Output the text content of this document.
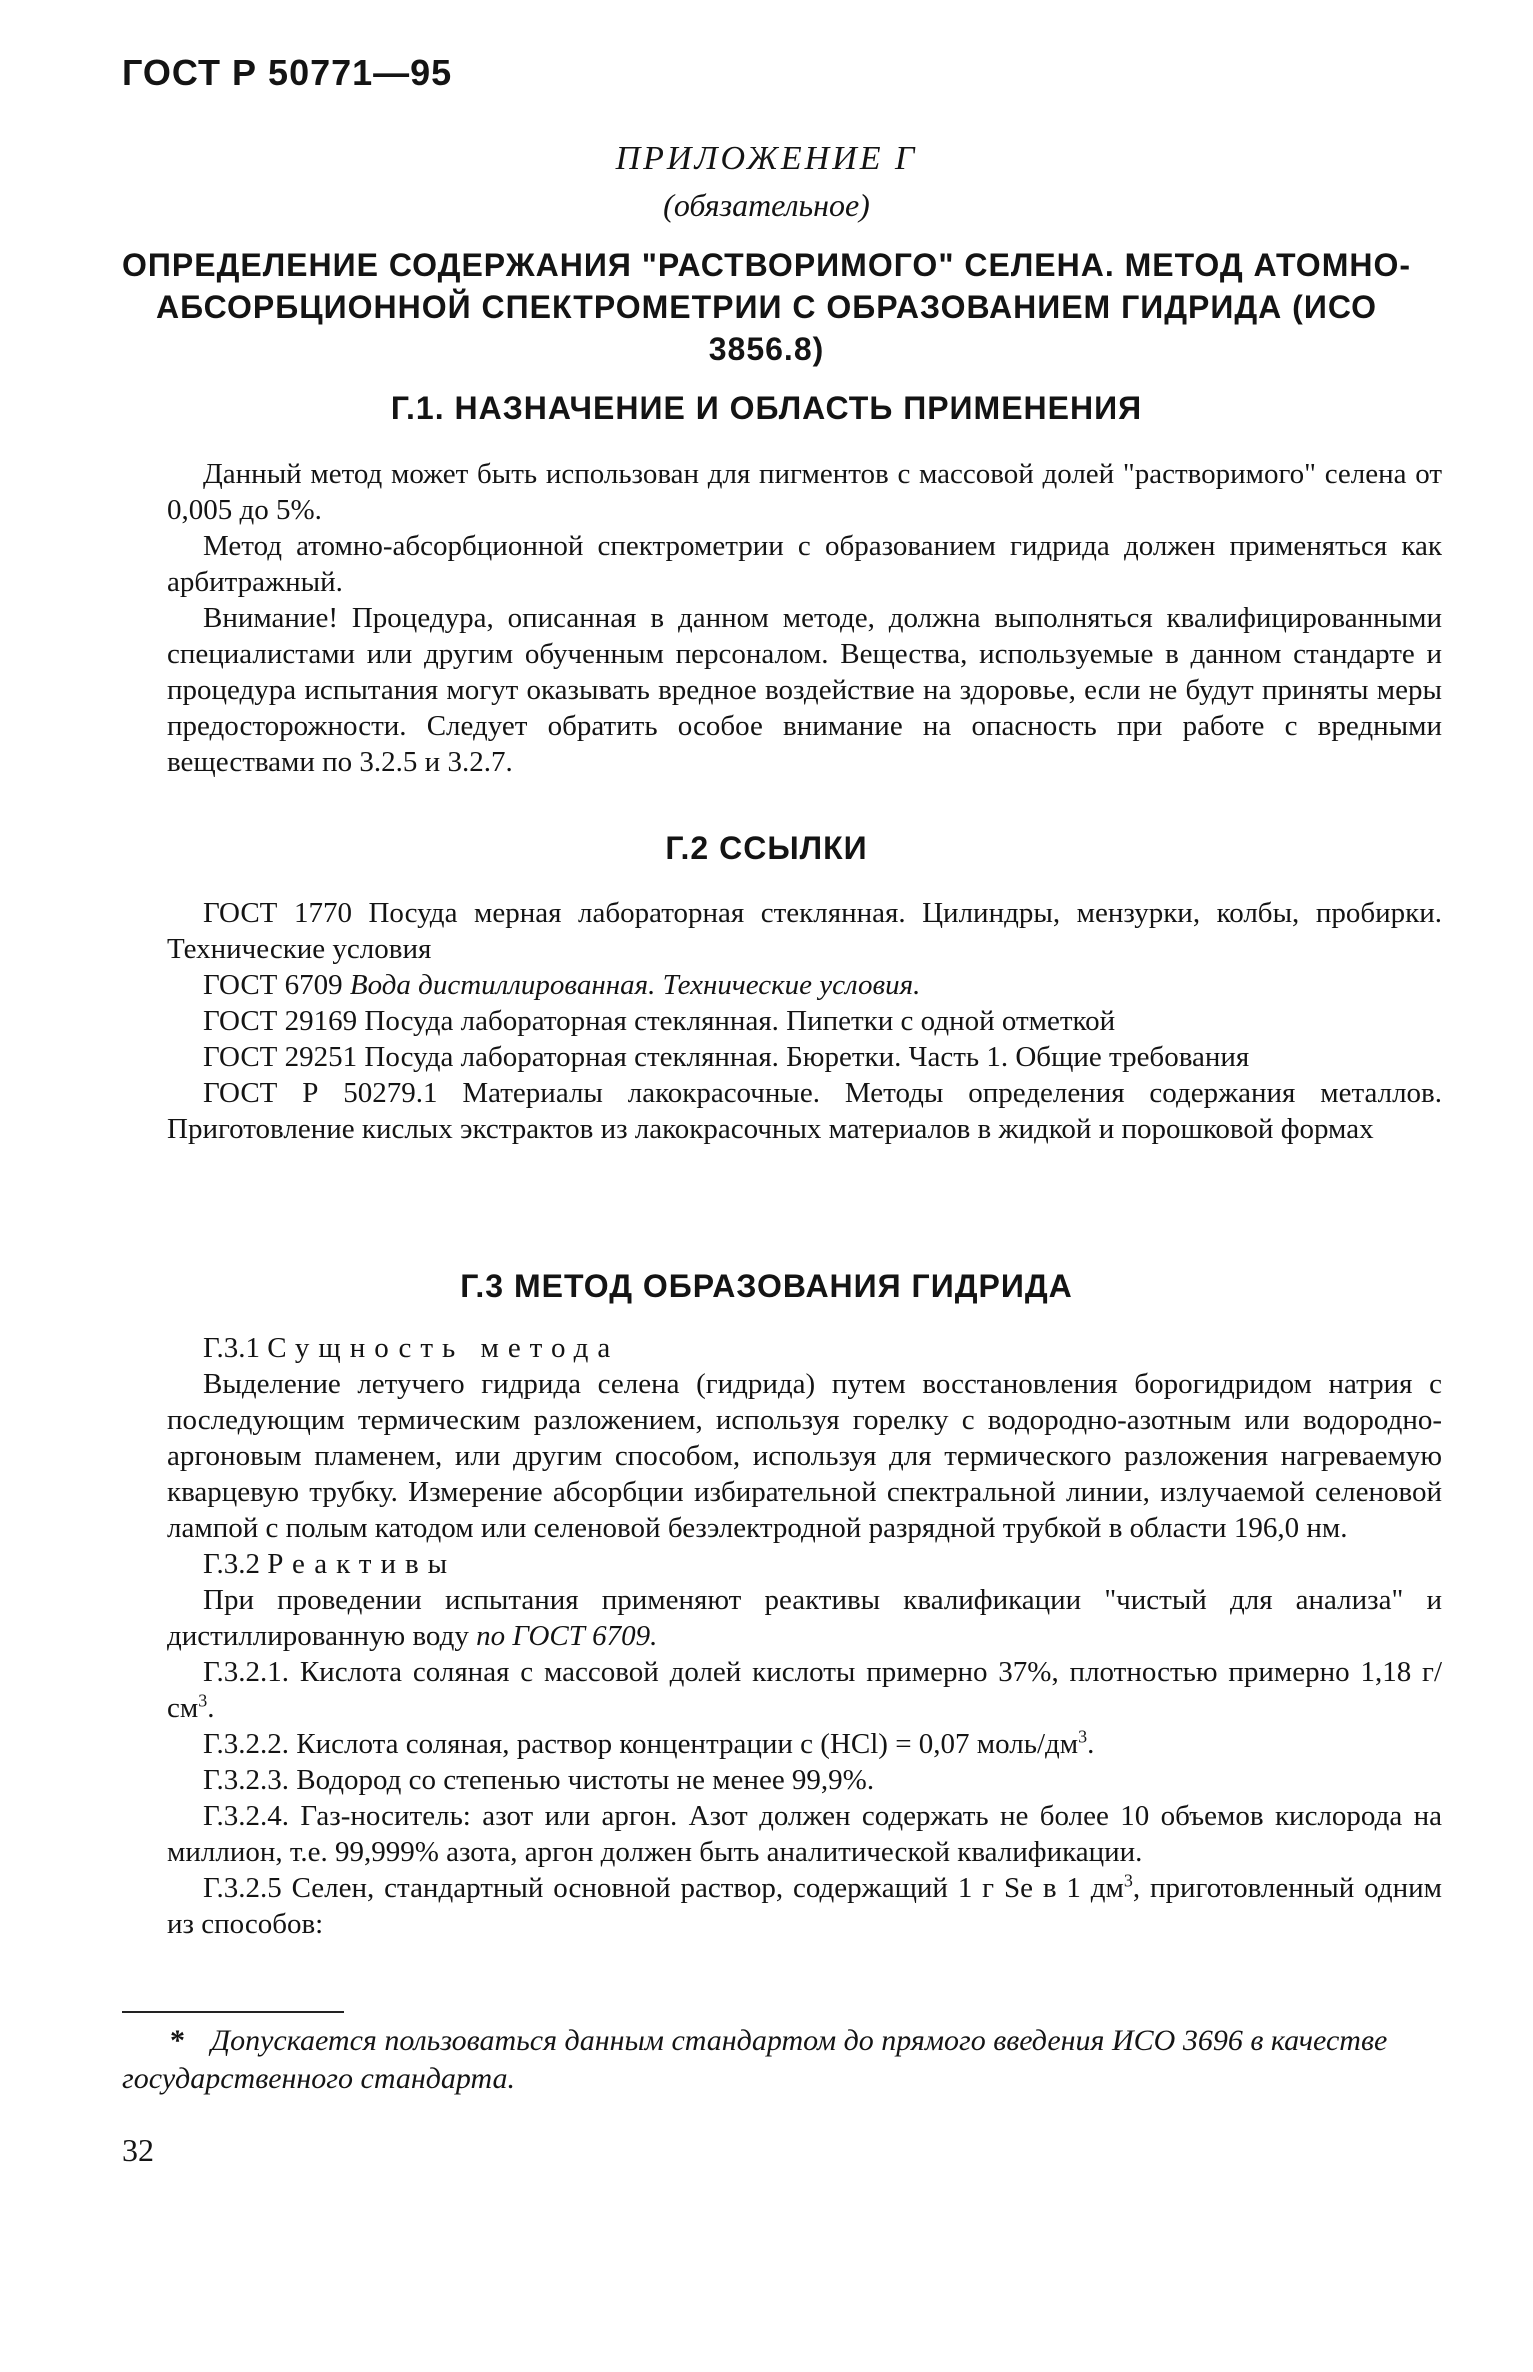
ГОСТ Р 50771—95

ПРИЛОЖЕНИЕ Г

(обязательное)

ОПРЕДЕЛЕНИЕ СОДЕРЖАНИЯ "РАСТВОРИМОГО" СЕЛЕНА. МЕТОД АТОМНО-АБСОРБЦИОННОЙ СПЕКТРОМЕТРИИ С ОБРАЗОВАНИЕМ ГИДРИДА (ИСО 3856.8)

Г.1. НАЗНАЧЕНИЕ И ОБЛАСТЬ ПРИМЕНЕНИЯ

Данный метод может быть использован для пигментов с массовой долей "растворимого" селена от 0,005 до 5%.

Метод атомно-абсорбционной спектрометрии с образованием гидрида должен применяться как арбитражный.

Внимание! Процедура, описанная в данном методе, должна выполняться квалифицированными специалистами или другим обученным персоналом. Вещества, используемые в данном стандарте и процедура испытания могут оказывать вредное воздействие на здоровье, если не будут приняты меры предосторожности. Следует обратить особое внимание на опасность при работе с вредными веществами по 3.2.5 и 3.2.7.

Г.2 ССЫЛКИ

ГОСТ 1770 Посуда мерная лабораторная стеклянная. Цилиндры, мензурки, колбы, пробирки. Технические условия

ГОСТ 6709 Вода дистиллированная. Технические условия.

ГОСТ 29169 Посуда лабораторная стеклянная. Пипетки с одной отметкой

ГОСТ 29251 Посуда лабораторная стеклянная. Бюретки. Часть 1. Общие требования

ГОСТ Р 50279.1 Материалы лакокрасочные. Методы определения содержания металлов. Приготовление кислых экстрактов из лакокрасочных материалов в жидкой и порошковой формах

Г.3 МЕТОД ОБРАЗОВАНИЯ ГИДРИДА

Г.3.1 Сущность метода

Выделение летучего гидрида селена (гидрида) путем восстановления борогидридом натрия с последующим термическим разложением, используя горелку с водородно-азотным или водородно-аргоновым пламенем, или другим способом, используя для термического разложения нагреваемую кварцевую трубку. Измерение абсорбции избирательной спектральной линии, излучаемой селеновой лампой с полым катодом или селеновой безэлектродной разрядной трубкой в области 196,0 нм.

Г.3.2 Реактивы

При проведении испытания применяют реактивы квалификации "чистый для анализа" и дистиллированную воду по ГОСТ 6709.

Г.3.2.1. Кислота соляная с массовой долей кислоты примерно 37%, плотностью примерно 1,18 $г/см^3$.

Г.3.2.2. Кислота соляная, раствор концентрации c (HCl) = 0,07 моль/$дм^3$.

Г.3.2.3. Водород со степенью чистоты не менее 99,9%.

Г.3.2.4. Газ-носитель: азот или аргон. Азот должен содержать не более 10 объемов кислорода на миллион, т.е. 99,999% азота, аргон должен быть аналитической квалификации.

Г.3.2.5 Селен, стандартный основной раствор, содержащий 1 г Se в 1 $дм^3$, приготовленный одним из способов:

* Допускается пользоваться данным стандартом до прямого введения ИСО 3696 в качестве государственного стандарта.

32
